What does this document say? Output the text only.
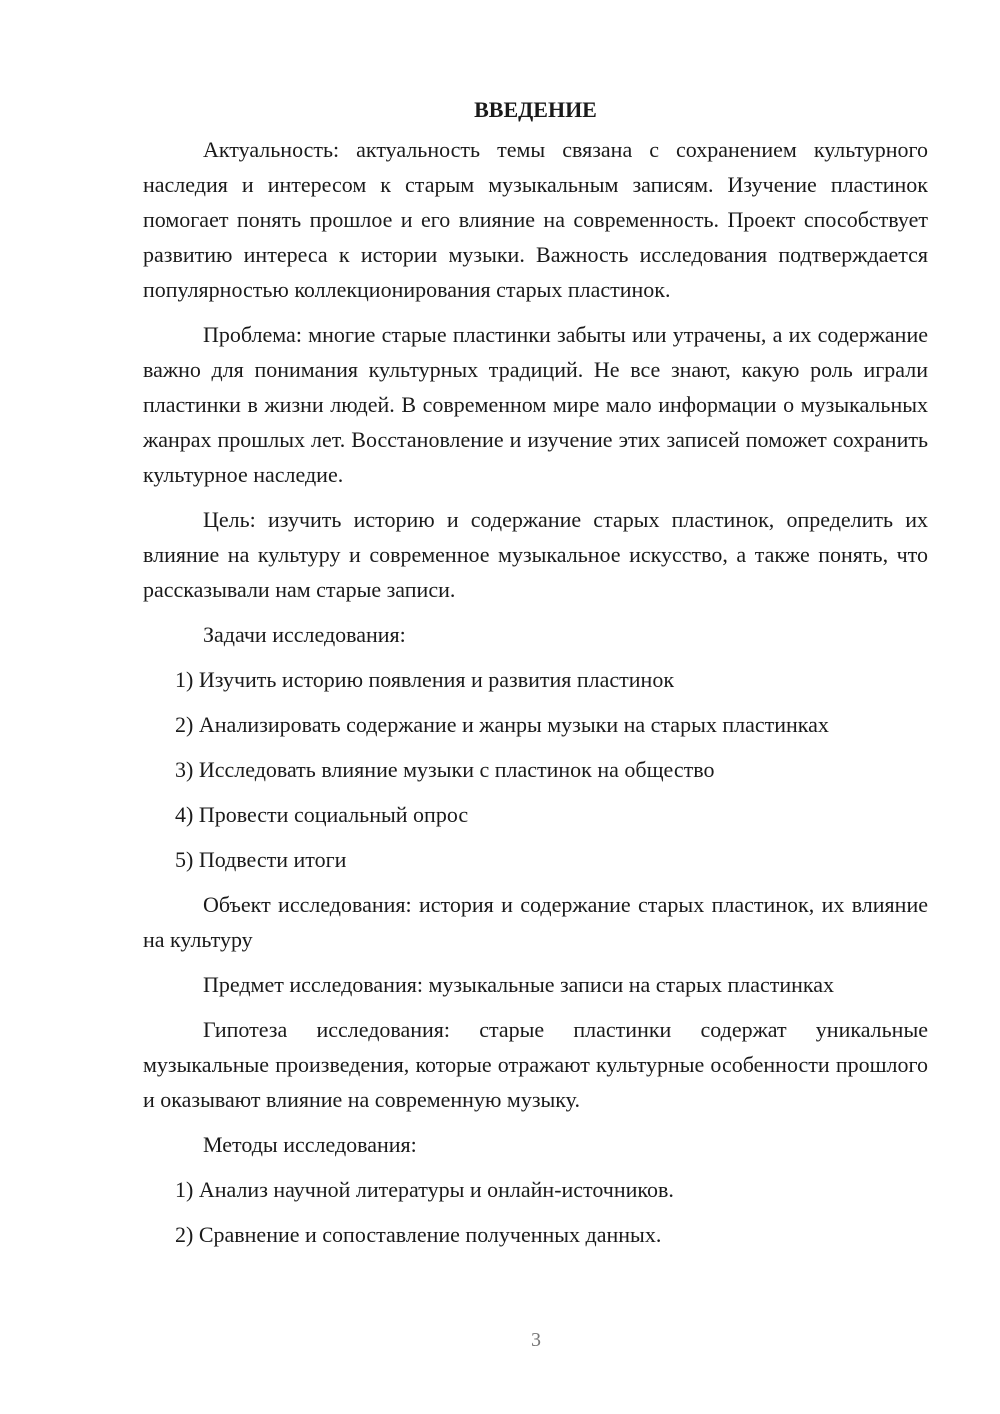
ВВЕДЕНИЕ

Актуальность: актуальность темы связана с сохранением культурного наследия и интересом к старым музыкальным записям. Изучение пластинок помогает понять прошлое и его влияние на современность. Проект способствует развитию интереса к истории музыки. Важность исследования подтверждается популярностью коллекционирования старых пластинок.

Проблема: многие старые пластинки забыты или утрачены, а их содержание важно для понимания культурных традиций. Не все знают, какую роль играли пластинки в жизни людей. В современном мире мало информации о музыкальных жанрах прошлых лет. Восстановление и изучение этих записей поможет сохранить культурное наследие.

Цель: изучить историю и содержание старых пластинок, определить их влияние на культуру и современное музыкальное искусство, а также понять, что рассказывали нам старые записи.

Задачи исследования:

1) Изучить историю появления и развития пластинок

2) Анализировать содержание и жанры музыки на старых пластинках

3) Исследовать влияние музыки с пластинок на общество

4) Провести социальный опрос

5) Подвести итоги

Объект исследования: история и содержание старых пластинок, их влияние на культуру

Предмет исследования: музыкальные записи на старых пластинках

Гипотеза исследования: старые пластинки содержат уникальные музыкальные произведения, которые отражают культурные особенности прошлого и оказывают влияние на современную музыку.

Методы исследования:

1) Анализ научной литературы и онлайн-источников.

2) Сравнение и сопоставление полученных данных.

3
